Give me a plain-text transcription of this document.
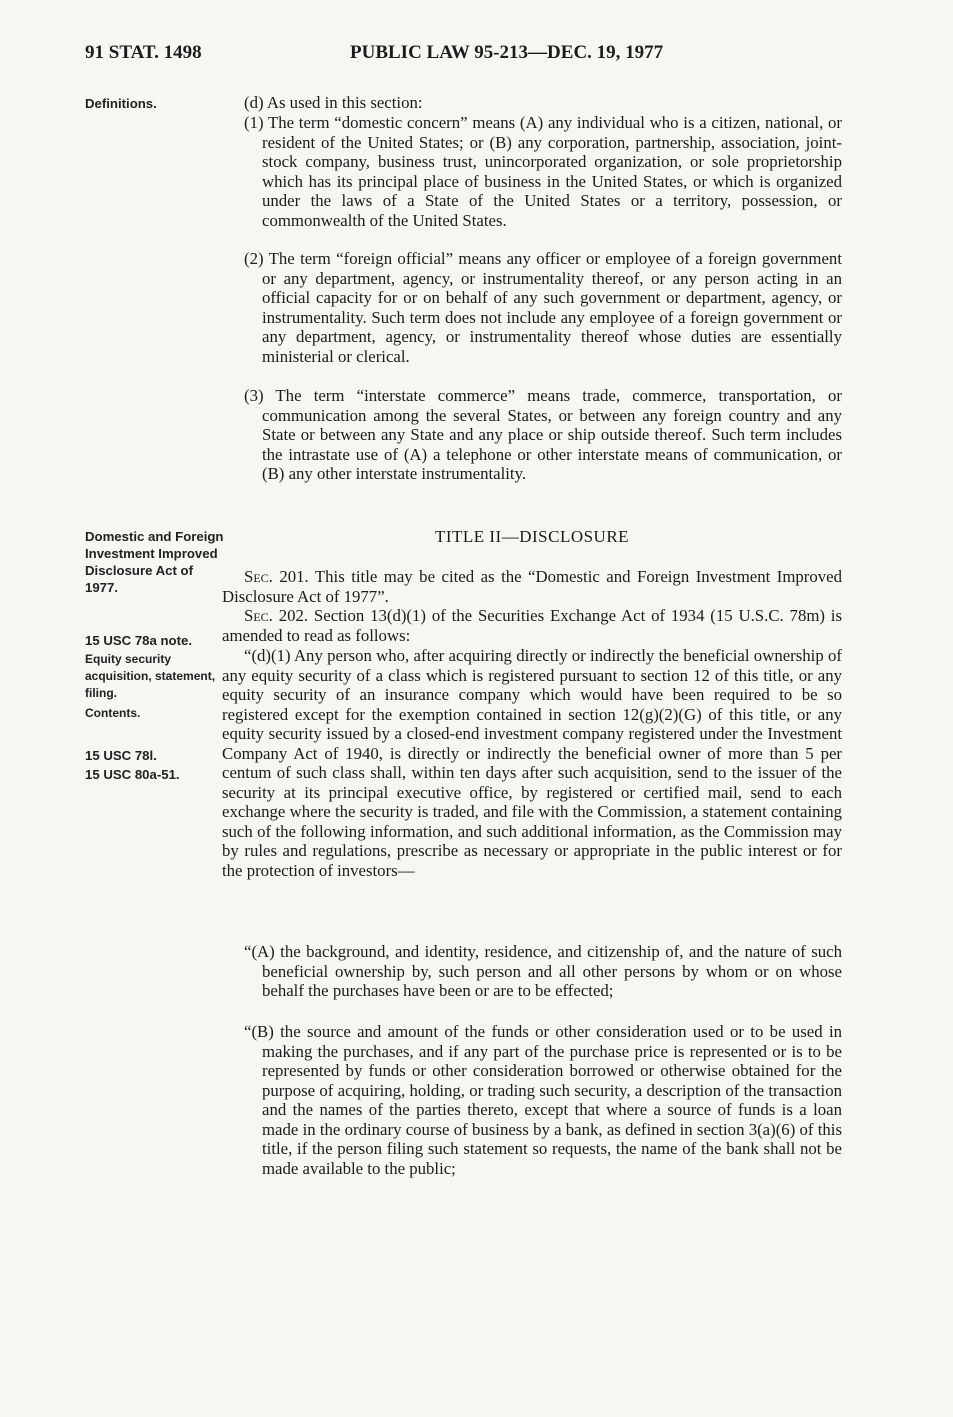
91 STAT. 1498	PUBLIC LAW 95-213—DEC. 19, 1977
Definitions.
Domestic and Foreign Investment Improved Disclosure Act of 1977.
15 USC 78a note.
Equity security acquisition, statement, filing.
Contents.
15 USC 78l.
15 USC 80a-51.
(d) As used in this section:
(1) The term “domestic concern” means (A) any individual who is a citizen, national, or resident of the United States; or (B) any corporation, partnership, association, joint-stock company, business trust, unincorporated organization, or sole proprietorship which has its principal place of business in the United States, or which is organized under the laws of a State of the United States or a territory, possession, or commonwealth of the United States.
(2) The term “foreign official” means any officer or employee of a foreign government or any department, agency, or instrumentality thereof, or any person acting in an official capacity for or on behalf of any such government or department, agency, or instrumentality. Such term does not include any employee of a foreign government or any department, agency, or instrumentality thereof whose duties are essentially ministerial or clerical.
(3) The term “interstate commerce” means trade, commerce, transportation, or communication among the several States, or between any foreign country and any State or between any State and any place or ship outside thereof. Such term includes the intrastate use of (A) a telephone or other interstate means of communication, or (B) any other interstate instrumentality.
TITLE II—DISCLOSURE
Sec. 201. This title may be cited as the “Domestic and Foreign Investment Improved Disclosure Act of 1977”.
Sec. 202. Section 13(d)(1) of the Securities Exchange Act of 1934 (15 U.S.C. 78m) is amended to read as follows:
“(d)(1) Any person who, after acquiring directly or indirectly the beneficial ownership of any equity security of a class which is registered pursuant to section 12 of this title, or any equity security of an insurance company which would have been required to be so registered except for the exemption contained in section 12(g)(2)(G) of this title, or any equity security issued by a closed-end investment company registered under the Investment Company Act of 1940, is directly or indirectly the beneficial owner of more than 5 per centum of such class shall, within ten days after such acquisition, send to the issuer of the security at its principal executive office, by registered or certified mail, send to each exchange where the security is traded, and file with the Commission, a statement containing such of the following information, and such additional information, as the Commission may by rules and regulations, prescribe as necessary or appropriate in the public interest or for the protection of investors—
“(A) the background, and identity, residence, and citizenship of, and the nature of such beneficial ownership by, such person and all other persons by whom or on whose behalf the purchases have been or are to be effected;
“(B) the source and amount of the funds or other consideration used or to be used in making the purchases, and if any part of the purchase price is represented or is to be represented by funds or other consideration borrowed or otherwise obtained for the purpose of acquiring, holding, or trading such security, a description of the transaction and the names of the parties thereto, except that where a source of funds is a loan made in the ordinary course of business by a bank, as defined in section 3(a)(6) of this title, if the person filing such statement so requests, the name of the bank shall not be made available to the public;
